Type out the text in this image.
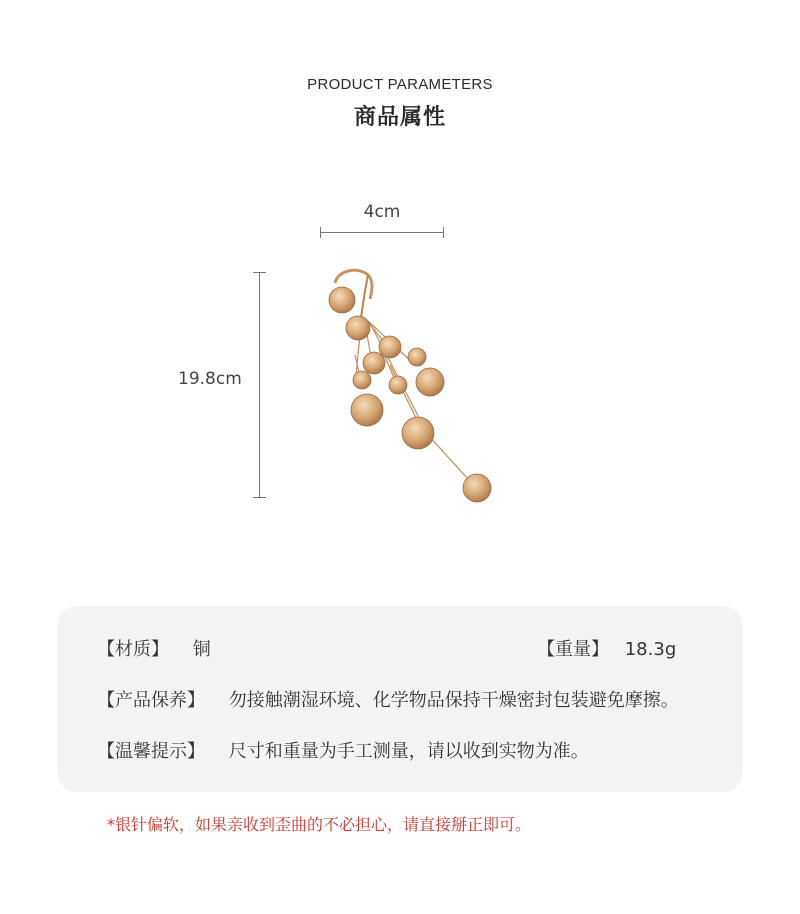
PRODUCT PARAMETERS
商品属性
4cm
19.8cm
【材质】 铜	【重量】 18.3g
【产品保养】 勿接触潮湿环境、化学物品保持干燥密封包装避免摩擦。
【温馨提示】 尺寸和重量为手工测量，请以收到实物为准。
*银针偏软，如果亲收到歪曲的不必担心，请直接掰正即可。
